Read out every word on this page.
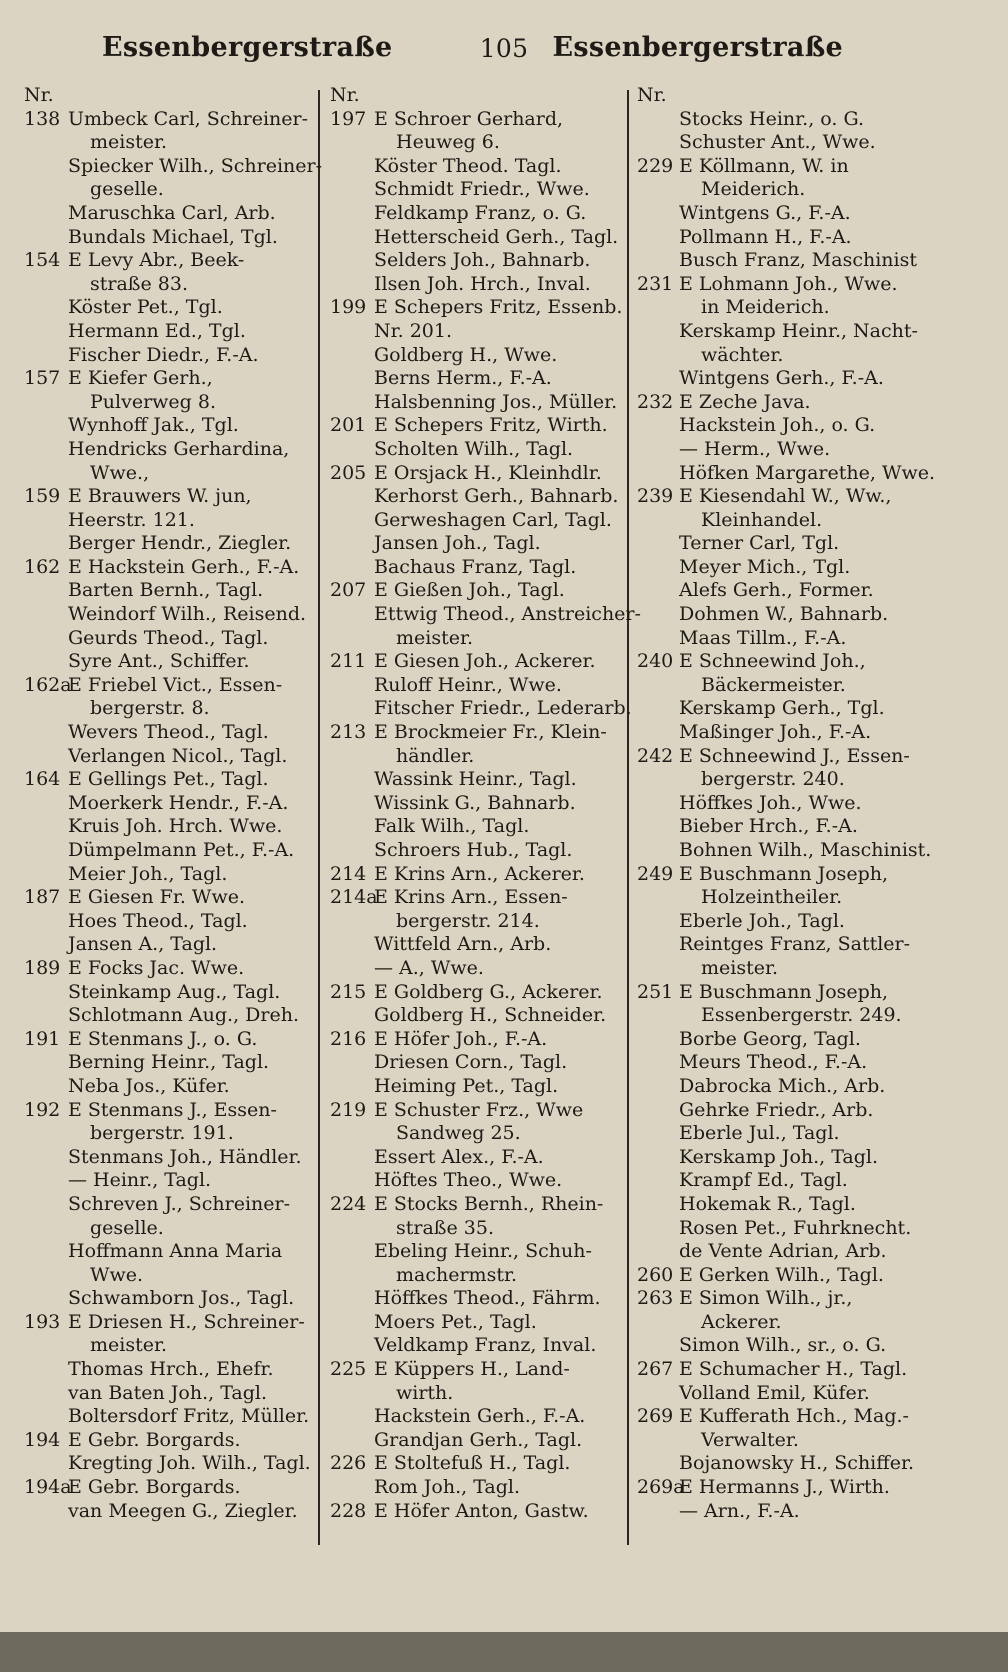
Essenbergerstraße	105 Essenbergerstraße
Nr.
138 Umbeck Carl, Schreiner-
meister.
Spiecker Wilh., Schreiner-
geselle.
Maruschka Carl, Arb.
Bundals Michael, Tgl.
154 E Levy Abr., Beek-
straße 83.
Köster Pet., Tgl.
Hermann Ed., Tgl.
Fischer Diedr., F.-A.
157 E Kiefer Gerh.,
Pulverweg 8.
Wynhoff Jak., Tgl.
Hendricks Gerhardina,
Wwe.,
159 E Brauwers W. jun,
Heerstr. 121.
Berger Hendr., Ziegler.
162 E Hackstein Gerh., F.-A.
Barten Bernh., Tagl.
Weindorf Wilh., Reisend.
Geurds Theod., Tagl.
Syre Ant., Schiffer.
162a
E Friebel Vict., Essen-
bergerstr. 8.
Wevers Theod., Tagl.
Verlangen Nicol., Tagl.
164 E Gellings Pet., Tagl.
Moerkerk Hendr., F.-A.
Kruis Joh. Hrch. Wwe.
Dümpelmann Pet., F.-A.
Meier Joh., Tagl.
187 E Giesen Fr. Wwe.
Hoes Theod., Tagl.
Jansen A., Tagl.
189 E Focks Jac. Wwe.
Steinkamp Aug., Tagl.
Schlotmann Aug., Dreh.
191 E Stenmans J., o. G.
Berning Heinr., Tagl.
Neba Jos., Küfer.
192 E Stenmans J., Essen-
bergerstr. 191.
Stenmans Joh., Händler.
— Heinr., Tagl.
Schreven J., Schreiner-
geselle.
Hoffmann Anna Maria
Wwe.
Schwamborn Jos., Tagl.
193 E Driesen H., Schreiner-
meister.
Thomas Hrch., Ehefr.
van Baten Joh., Tagl.
Boltersdorf Fritz, Müller.
194 E Gebr. Borgards.
Kregting Joh. Wilh., Tagl.
194a
E Gebr. Borgards.
van Meegen G., Ziegler.
Nr.
197 E Schroer Gerhard,
Heuweg 6.
Köster Theod. Tagl.
Schmidt Friedr., Wwe.
Feldkamp Franz, o. G.
Hetterscheid Gerh., Tagl.
Selders Joh., Bahnarb.
Ilsen Joh. Hrch., Inval.
199 E Schepers Fritz, Essenb.
Nr. 201.
Goldberg H., Wwe.
Berns Herm., F.-A.
Halsbenning Jos., Müller.
201 E Schepers Fritz, Wirth.
Scholten Wilh., Tagl.
205 E Orsjack H., Kleinhdlr.
Kerhorst Gerh., Bahnarb.
Gerweshagen Carl, Tagl.
Jansen Joh., Tagl.
Bachaus Franz, Tagl.
207 E Gießen Joh., Tagl.
Ettwig Theod., Anstreicher-
meister.
211 E Giesen Joh., Ackerer.
Ruloff Heinr., Wwe.
Fitscher Friedr., Lederarb.
213 E Brockmeier Fr., Klein-
händler.
Wassink Heinr., Tagl.
Wissink G., Bahnarb.
Falk Wilh., Tagl.
Schroers Hub., Tagl.
214 E Krins Arn., Ackerer.
214a
E Krins Arn., Essen-
bergerstr. 214.
Wittfeld Arn., Arb.
— A., Wwe.
215 E Goldberg G., Ackerer.
Goldberg H., Schneider.
216 E Höfer Joh., F.-A.
Driesen Corn., Tagl.
Heiming Pet., Tagl.
219 E Schuster Frz., Wwe
Sandweg 25.
Essert Alex., F.-A.
Höftes Theo., Wwe.
224 E Stocks Bernh., Rhein-
straße 35.
Ebeling Heinr., Schuh-
machermstr.
Höffkes Theod., Fährm.
Moers Pet., Tagl.
Veldkamp Franz, Inval.
225 E Küppers H., Land-
wirth.
Hackstein Gerh., F.-A.
Grandjan Gerh., Tagl.
226 E Stoltefuß H., Tagl.
Rom Joh., Tagl.
228 E Höfer Anton, Gastw.
Nr.
Stocks Heinr., o. G.
Schuster Ant., Wwe.
229 E Köllmann, W. in
Meiderich.
Wintgens G., F.-A.
Pollmann H., F.-A.
Busch Franz, Maschinist
231 E Lohmann Joh., Wwe.
in Meiderich.
Kerskamp Heinr., Nacht-
wächter.
Wintgens Gerh., F.-A.
232 E Zeche Java.
Hackstein Joh., o. G.
— Herm., Wwe.
Höfken Margarethe, Wwe.
239 E Kiesendahl W., Ww.,
Kleinhandel.
Terner Carl, Tgl.
Meyer Mich., Tgl.
Alefs Gerh., Former.
Dohmen W., Bahnarb.
Maas Tillm., F.-A.
240 E Schneewind Joh.,
Bäckermeister.
Kerskamp Gerh., Tgl.
Maßinger Joh., F.-A.
242 E Schneewind J., Essen-
bergerstr. 240.
Höffkes Joh., Wwe.
Bieber Hrch., F.-A.
Bohnen Wilh., Maschinist.
249 E Buschmann Joseph,
Holzeintheiler.
Eberle Joh., Tagl.
Reintges Franz, Sattler-
meister.
251 E Buschmann Joseph,
Essenbergerstr. 249.
Borbe Georg, Tagl.
Meurs Theod., F.-A.
Dabrocka Mich., Arb.
Gehrke Friedr., Arb.
Eberle Jul., Tagl.
Kerskamp Joh., Tagl.
Krampf Ed., Tagl.
Hokemak R., Tagl.
Rosen Pet., Fuhrknecht.
de Vente Adrian, Arb.
260 E Gerken Wilh., Tagl.
263 E Simon Wilh., jr.,
Ackerer.
Simon Wilh., sr., o. G.
267 E Schumacher H., Tagl.
Volland Emil, Küfer.
269 E Kufferath Hch., Mag.-
Verwalter.
Bojanowsky H., Schiffer.
269a
E Hermanns J., Wirth.
— Arn., F.-A.
